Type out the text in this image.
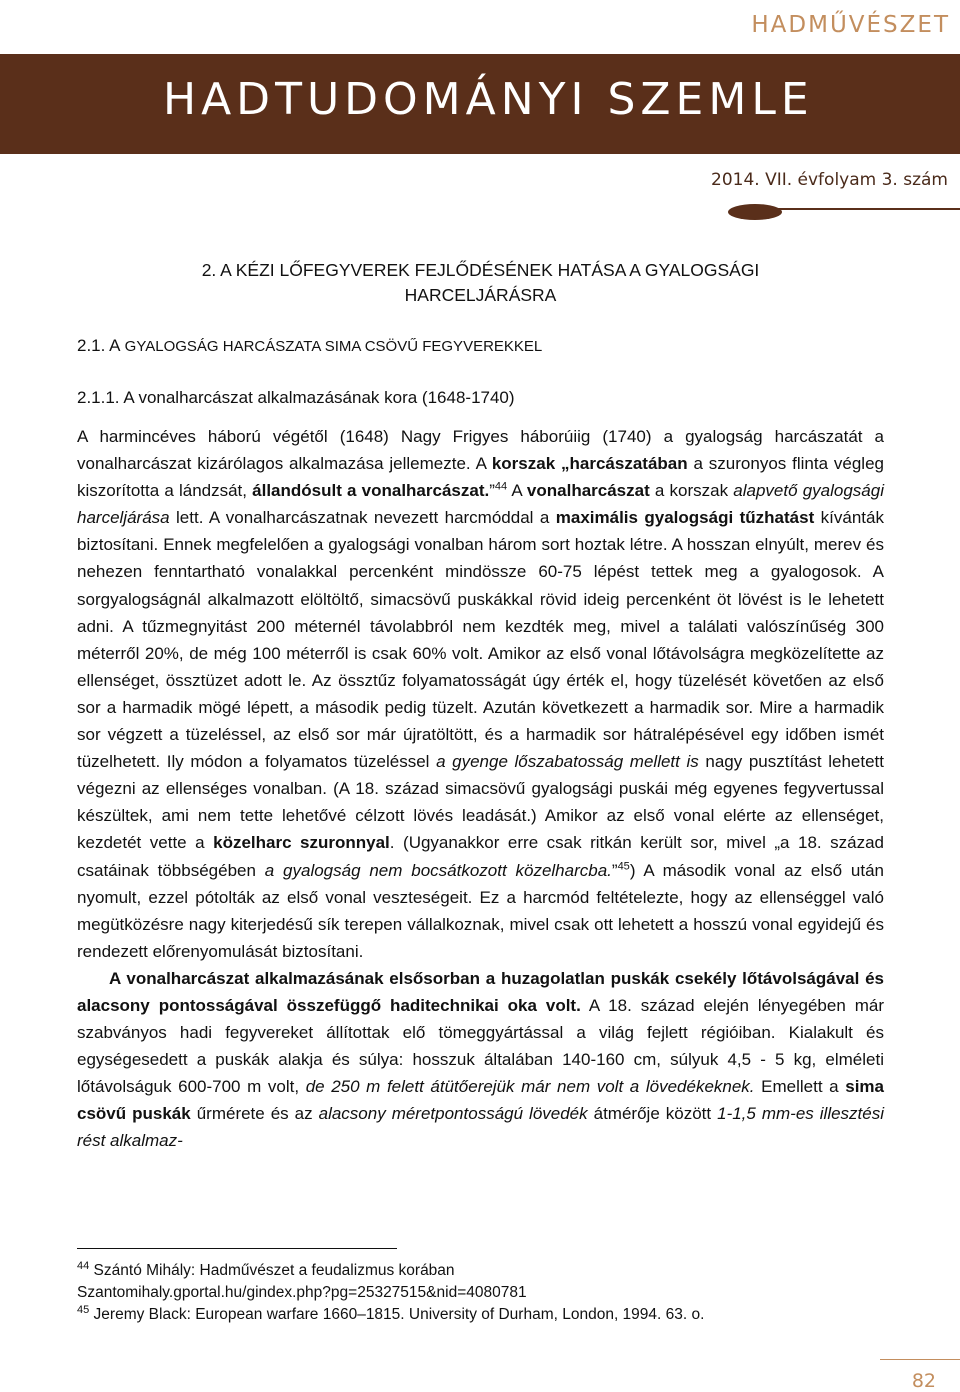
HADMŰVÉSZET
HADTUDOMÁNYI SZEMLE
2014. VII. évfolyam 3. szám
2. A KÉZI LŐFEGYVEREK FEJLŐDÉSÉNEK HATÁSA A GYALOGSÁGI HARCELJÁRÁSRA
2.1. A GYALOGSÁG HARCÁSZATA SIMA CSÖVŰ FEGYVEREKKEL
2.1.1. A vonalharcászat alkalmazásának kora (1648-1740)

A harmincéves háború végétől (1648) Nagy Frigyes háborúiig (1740) a gyalogság harcászatát a vonalharcászat kizárólagos alkalmazása jellemezte. A korszak „harcászatában a szuronyos flinta végleg kiszorította a lándzsát, állandósult a vonalharcászat.”$^{44}$ A vonalharcászat a korszak alapvető gyalogsági harceljárása lett. A vonalharcászatnak nevezett harcmóddal a maximális gyalogsági tűzhatást kívánták biztosítani. Ennek megfelelően a gyalogsági vonalban három sort hoztak létre. A hosszan elnyúlt, merev és nehezen fenntartható vonalakkal percenként mindössze 60-75 lépést tettek meg a gyalogosok. A sorgyalogságnál alkalmazott elöltöltő, simacsövű puskákkal rövid ideig percenként öt lövést is le lehetett adni. A tűzmegnyitást 200 méternél távolabbról nem kezdték meg, mivel a találati valószínűség 300 méterről 20%, de még 100 méterről is csak 60% volt. Amikor az első vonal lőtávolságra megközelítette az ellenséget, össztüzet adott le. Az össztűz folyamatosságát úgy érték el, hogy tüzelését követően az első sor a harmadik mögé lépett, a második pedig tüzelt. Azután következett a harmadik sor. Mire a harmadik sor végzett a tüzeléssel, az első sor már újratöltött, és a harmadik sor hátralépésével egy időben ismét tüzelhetett. Ily módon a folyamatos tüzeléssel a gyenge lőszabatosság mellett is nagy pusztítást lehetett végezni az ellenséges vonalban. (A 18. század simacsövű gyalogsági puskái még egyenes fegyvertussal készültek, ami nem tette lehetővé célzott lövés leadását.) Amikor az első vonal elérte az ellenséget, kezdetét vette a közelharc szuronnyal. (Ugyanakkor erre csak ritkán került sor, mivel „a 18. század csatáinak többségében a gyalogság nem bocsátkozott közelharcba.”$^{45}$) A második vonal az első után nyomult, ezzel pótolták az első vonal veszteségeit. Ez a harcmód feltételezte, hogy az ellenséggel való megütközésre nagy kiterjedésű sík terepen vállalkoznak, mivel csak ott lehetett a hosszú vonal egyidejű és rendezett előrenyomulását biztosítani.

A vonalharcászat alkalmazásának elsősorban a huzagolatlan puskák csekély lőtávolságával és alacsony pontosságával összefüggő haditechnikai oka volt. A 18. század elején lényegében már szabványos hadi fegyvereket állítottak elő tömeggyártással a világ fejlett régióiban. Kialakult és egységesedett a puskák alakja és súlya: hosszuk általában 140-160 cm, súlyuk 4,5 - 5 kg, elméleti lőtávolságuk 600-700 m volt, de 250 m felett átütőerejük már nem volt a lövedékeknek. Emellett a sima csövű puskák űrmérete és az alacsony méretpontosságú lövedék átmérője között 1-1,5 mm-es illesztési rést alkalmaz-

$^{44}$ Szántó Mihály: Hadművészet a feudalizmus korában
Szantomihaly.gportal.hu/gindex.php?pg=25327515&nid=4080781
$^{45}$ Jeremy Black: European warfare 1660–1815. University of Durham, London, 1994. 63. o.
82
